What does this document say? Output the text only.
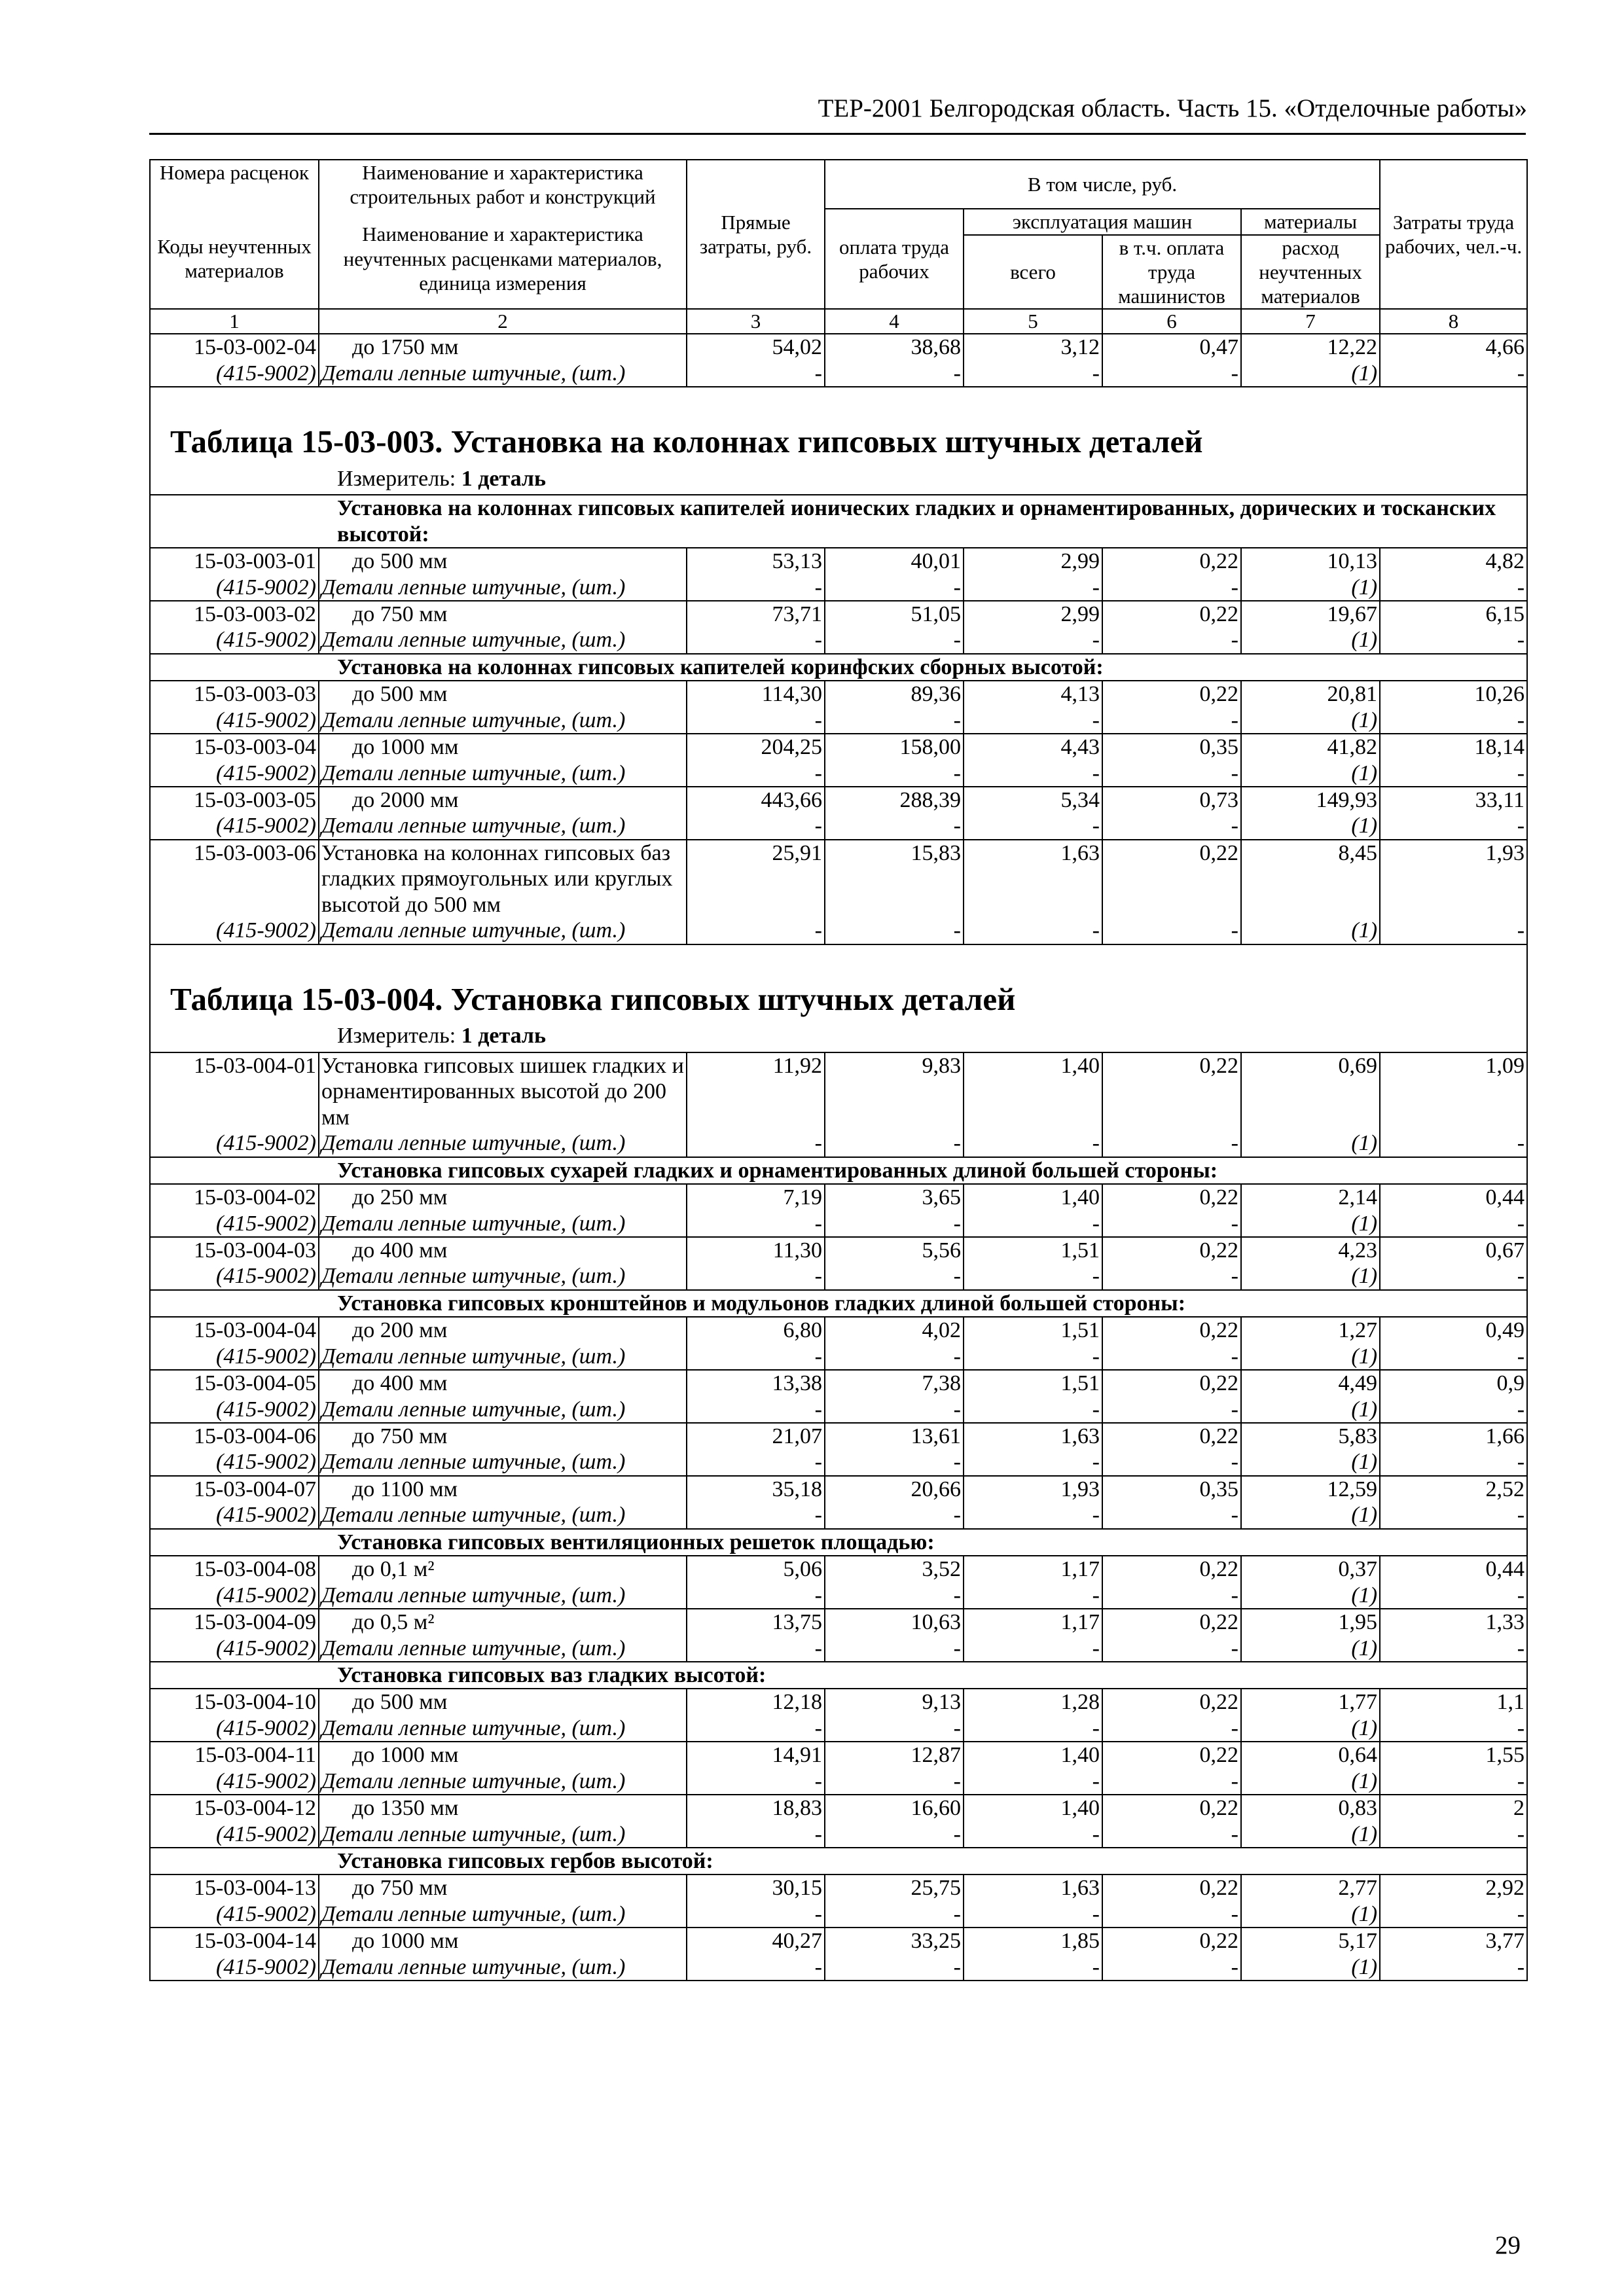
ТЕР-2001 Белгородская область. Часть 15. «Отделочные работы»
Номера расценок	Наименование и характеристика строительных работ и конструкций	Прямые затраты, руб.	В том числе, руб.				Затраты труда рабочих, чел.-ч.
Коды неучтенных материалов	Наименование и характеристика неучтенных расценками материалов, единица измерения		оплата труда рабочих	эксплуатация машин		материалы	
				всего	в т.ч. оплата труда машинистов	расход неучтенных материалов	
1	2	3	4	5	6	7	8
15-03-002-04	до 1750 мм	54,02	38,68	3,12	0,47	12,22	4,66
(415-9002)	Детали лепные штучные, (шт.)	-	-	-	-	(1)	-

Таблица 15-03-003. Установка на колоннах гипсовых штучных деталей
Измеритель: 1 деталь							

Установка на колоннах гипсовых капителей ионических гладких и орнаментированных, дорических и тосканских высотой:							
15-03-003-01	до 500 мм	53,13	40,01	2,99	0,22	10,13	4,82
(415-9002)	Детали лепные штучные, (шт.)	-	-	-	-	(1)	-
15-03-003-02	до 750 мм	73,71	51,05	2,99	0,22	19,67	6,15
(415-9002)	Детали лепные штучные, (шт.)	-	-	-	-	(1)	-
Установка на колоннах гипсовых капителей коринфских сборных высотой:							
15-03-003-03	до 500 мм	114,30	89,36	4,13	0,22	20,81	10,26
(415-9002)	Детали лепные штучные, (шт.)	-	-	-	-	(1)	-
15-03-003-04	до 1000 мм	204,25	158,00	4,43	0,35	41,82	18,14
(415-9002)	Детали лепные штучные, (шт.)	-	-	-	-	(1)	-
15-03-003-05	до 2000 мм	443,66	288,39	5,34	0,73	149,93	33,11
(415-9002)	Детали лепные штучные, (шт.)	-	-	-	-	(1)	-
15-03-003-06	Установка на колоннах гипсовых баз гладких прямоугольных или круглых высотой до 500 мм	25,91	15,83	1,63	0,22	8,45	1,93
(415-9002)	Детали лепные штучные, (шт.)	-	-	-	-	(1)	-

Таблица 15-03-004. Установка гипсовых штучных деталей
Измеритель: 1 деталь							

15-03-004-01	Установка гипсовых шишек гладких и орнаментированных высотой до 200 мм	11,92	9,83	1,40	0,22	0,69	1,09
(415-9002)	Детали лепные штучные, (шт.)	-	-	-	-	(1)	-
Установка гипсовых сухарей гладких и орнаментированных длиной большей стороны:							
15-03-004-02	до 250 мм	7,19	3,65	1,40	0,22	2,14	0,44
(415-9002)	Детали лепные штучные, (шт.)	-	-	-	-	(1)	-
15-03-004-03	до 400 мм	11,30	5,56	1,51	0,22	4,23	0,67
(415-9002)	Детали лепные штучные, (шт.)	-	-	-	-	(1)	-
Установка гипсовых кронштейнов и модульонов гладких длиной большей стороны:							
15-03-004-04	до 200 мм	6,80	4,02	1,51	0,22	1,27	0,49
(415-9002)	Детали лепные штучные, (шт.)	-	-	-	-	(1)	-
15-03-004-05	до 400 мм	13,38	7,38	1,51	0,22	4,49	0,9
(415-9002)	Детали лепные штучные, (шт.)	-	-	-	-	(1)	-
15-03-004-06	до 750 мм	21,07	13,61	1,63	0,22	5,83	1,66
(415-9002)	Детали лепные штучные, (шт.)	-	-	-	-	(1)	-
15-03-004-07	до 1100 мм	35,18	20,66	1,93	0,35	12,59	2,52
(415-9002)	Детали лепные штучные, (шт.)	-	-	-	-	(1)	-
Установка гипсовых вентиляционных решеток площадью:							
15-03-004-08	до 0,1 м²	5,06	3,52	1,17	0,22	0,37	0,44
(415-9002)	Детали лепные штучные, (шт.)	-	-	-	-	(1)	-
15-03-004-09	до 0,5 м²	13,75	10,63	1,17	0,22	1,95	1,33
(415-9002)	Детали лепные штучные, (шт.)	-	-	-	-	(1)	-
Установка гипсовых ваз гладких высотой:							
15-03-004-10	до 500 мм	12,18	9,13	1,28	0,22	1,77	1,1
(415-9002)	Детали лепные штучные, (шт.)	-	-	-	-	(1)	-
15-03-004-11	до 1000 мм	14,91	12,87	1,40	0,22	0,64	1,55
(415-9002)	Детали лепные штучные, (шт.)	-	-	-	-	(1)	-
15-03-004-12	до 1350 мм	18,83	16,60	1,40	0,22	0,83	2
(415-9002)	Детали лепные штучные, (шт.)	-	-	-	-	(1)	-
Установка гипсовых гербов высотой:							
15-03-004-13	до 750 мм	30,15	25,75	1,63	0,22	2,77	2,92
(415-9002)	Детали лепные штучные, (шт.)	-	-	-	-	(1)	-
15-03-004-14	до 1000 мм	40,27	33,25	1,85	0,22	5,17	3,77
(415-9002)	Детали лепные штучные, (шт.)	-	-	-	-	(1)	-
29
